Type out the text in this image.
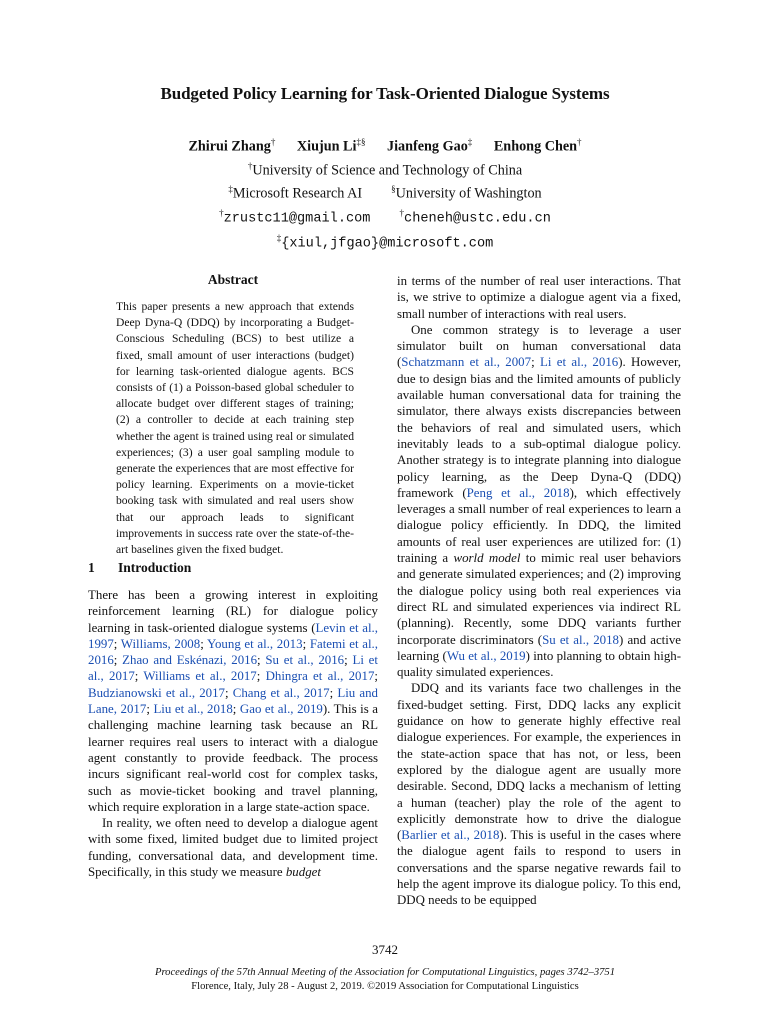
Budgeted Policy Learning for Task-Oriented Dialogue Systems
Zhirui Zhang† Xiujun Li‡§ Jianfeng Gao‡ Enhong Chen†
†University of Science and Technology of China
‡Microsoft Research AI	§University of Washington
†zrustc11@gmail.com	†cheneh@ustc.edu.cn
‡{xiul,jfgao}@microsoft.com
Abstract
This paper presents a new approach that extends Deep Dyna-Q (DDQ) by incorporating a Budget-Conscious Scheduling (BCS) to best utilize a fixed, small amount of user interactions (budget) for learning task-oriented dialogue agents. BCS consists of (1) a Poisson-based global scheduler to allocate budget over different stages of training; (2) a controller to decide at each training step whether the agent is trained using real or simulated experiences; (3) a user goal sampling module to generate the experiences that are most effective for policy learning. Experiments on a movie-ticket booking task with simulated and real users show that our approach leads to significant improvements in success rate over the state-of-the-art baselines given the fixed budget.
1 Introduction

There has been a growing interest in exploiting reinforcement learning (RL) for dialogue policy learning in task-oriented dialogue systems (Levin et al., 1997; Williams, 2008; Young et al., 2013; Fatemi et al., 2016; Zhao and Eskénazi, 2016; Su et al., 2016; Li et al., 2017; Williams et al., 2017; Dhingra et al., 2017; Budzianowski et al., 2017; Chang et al., 2017; Liu and Lane, 2017; Liu et al., 2018; Gao et al., 2019). This is a challenging machine learning task because an RL learner requires real users to interact with a dialogue agent constantly to provide feedback. The process incurs significant real-world cost for complex tasks, such as movie-ticket booking and travel planning, which require exploration in a large state-action space.

In reality, we often need to develop a dialogue agent with some fixed, limited budget due to limited project funding, conversational data, and development time. Specifically, in this study we measure budget

in terms of the number of real user interactions. That is, we strive to optimize a dialogue agent via a fixed, small number of interactions with real users.

One common strategy is to leverage a user simulator built on human conversational data (Schatzmann et al., 2007; Li et al., 2016). However, due to design bias and the limited amounts of publicly available human conversational data for training the simulator, there always exists discrepancies between the behaviors of real and simulated users, which inevitably leads to a sub-optimal dialogue policy. Another strategy is to integrate planning into dialogue policy learning, as the Deep Dyna-Q (DDQ) framework (Peng et al., 2018), which effectively leverages a small number of real experiences to learn a dialogue policy efficiently. In DDQ, the limited amounts of real user experiences are utilized for: (1) training a world model to mimic real user behaviors and generate simulated experiences; and (2) improving the dialogue policy using both real experiences via direct RL and simulated experiences via indirect RL (planning). Recently, some DDQ variants further incorporate discriminators (Su et al., 2018) and active learning (Wu et al., 2019) into planning to obtain high-quality simulated experiences.

DDQ and its variants face two challenges in the fixed-budget setting. First, DDQ lacks any explicit guidance on how to generate highly effective real dialogue experiences. For example, the experiences in the state-action space that has not, or less, been explored by the dialogue agent are usually more desirable. Second, DDQ lacks a mechanism of letting a human (teacher) play the role of the agent to explicitly demonstrate how to drive the dialogue (Barlier et al., 2018). This is useful in the cases where the dialogue agent fails to respond to users in conversations and the sparse negative rewards fail to help the agent improve its dialogue policy. To this end, DDQ needs to be equipped

3742
Proceedings of the 57th Annual Meeting of the Association for Computational Linguistics, pages 3742–3751
Florence, Italy, July 28 - August 2, 2019. ©2019 Association for Computational Linguistics
